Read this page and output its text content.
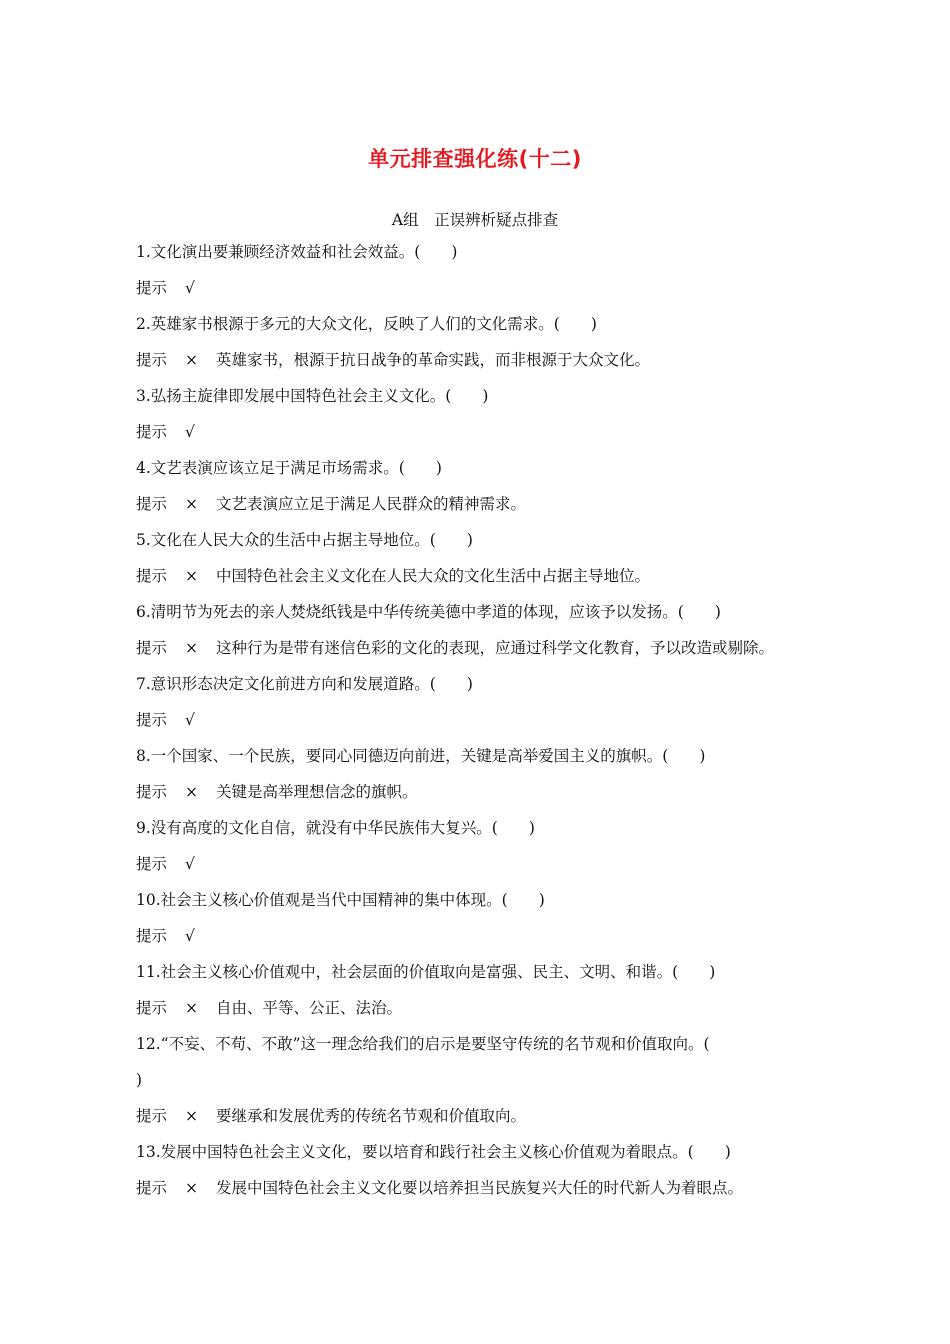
单元排查强化练(十二)
A组　正误辨析疑点排查
1.文化演出要兼顾经济效益和社会效益。(　　)
提示 √
2.英雄家书根源于多元的大众文化，反映了人们的文化需求。(　　)
提示 × 英雄家书，根源于抗日战争的革命实践，而非根源于大众文化。
3.弘扬主旋律即发展中国特色社会主义文化。(　　)
提示 √
4.文艺表演应该立足于满足市场需求。(　　)
提示 × 文艺表演应立足于满足人民群众的精神需求。
5.文化在人民大众的生活中占据主导地位。(　　)
提示 × 中国特色社会主义文化在人民大众的文化生活中占据主导地位。
6.清明节为死去的亲人焚烧纸钱是中华传统美德中孝道的体现，应该予以发扬。(　　)
提示 × 这种行为是带有迷信色彩的文化的表现，应通过科学文化教育，予以改造或剔除。
7.意识形态决定文化前进方向和发展道路。(　　)
提示 √
8.一个国家、一个民族，要同心同德迈向前进，关键是高举爱国主义的旗帜。(　　)
提示 × 关键是高举理想信念的旗帜。
9.没有高度的文化自信，就没有中华民族伟大复兴。(　　)
提示 √
10.社会主义核心价值观是当代中国精神的集中体现。(　　)
提示 √
11.社会主义核心价值观中，社会层面的价值取向是富强、民主、文明、和谐。(　　)
提示 × 自由、平等、公正、法治。
12.“不妄、不苟、不敢”这一理念给我们的启示是要坚守传统的名节观和价值取向。(
)
提示 × 要继承和发展优秀的传统名节观和价值取向。
13.发展中国特色社会主义文化，要以培育和践行社会主义核心价值观为着眼点。(　　)
提示 × 发展中国特色社会主义文化要以培养担当民族复兴大任的时代新人为着眼点。
